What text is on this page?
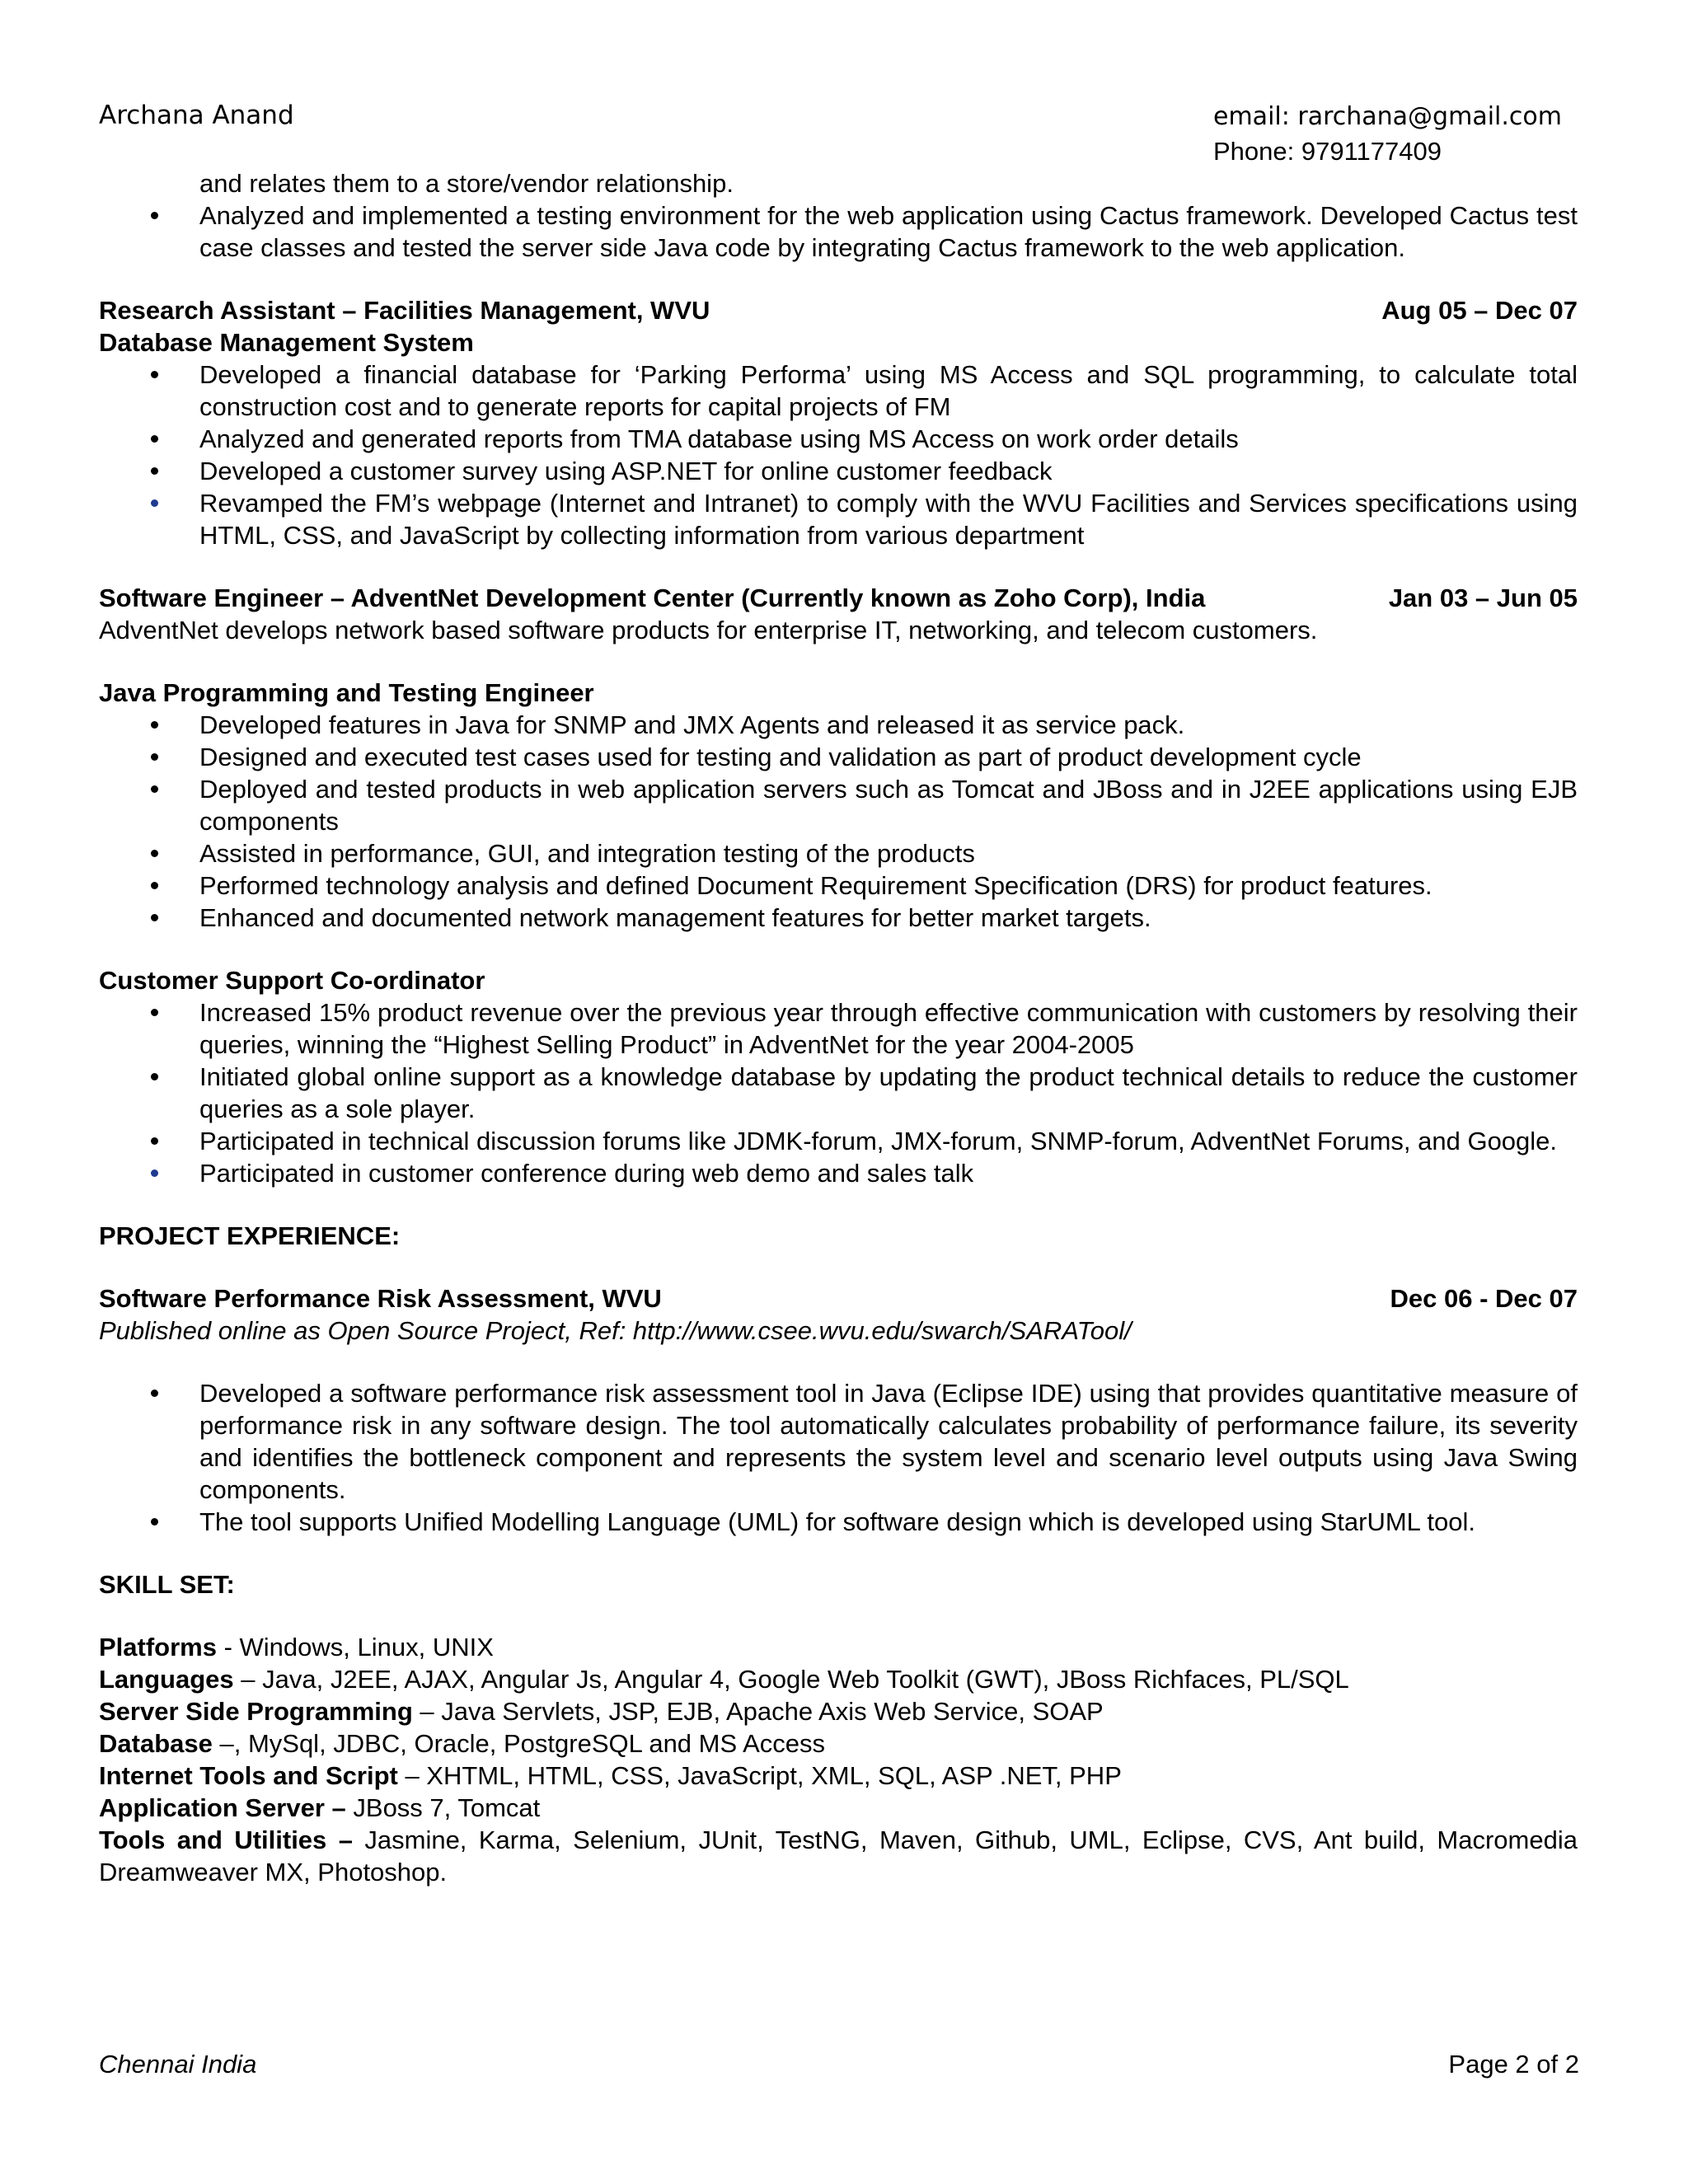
Archana Anand	email: rarchana@gmail.com
Phone: 9791177409
and relates them to a store/vendor relationship.
Analyzed and implemented a testing environment for the web application using Cactus framework. Developed Cactus test case classes and tested the server side Java code by integrating Cactus framework to the web application.
Research Assistant – Facilities Management, WVU	Aug 05 – Dec 07
Database Management System
Developed a financial database for ‘Parking Performa’ using MS Access and SQL programming, to calculate total construction cost and to generate reports for capital projects of FM
Analyzed and generated reports from TMA database using MS Access on work order details
Developed a customer survey using ASP.NET for online customer feedback
Revamped the FM’s webpage (Internet and Intranet) to comply with the WVU Facilities and Services specifications using HTML, CSS, and JavaScript by collecting information from various department
Software Engineer – AdventNet Development Center (Currently known as Zoho Corp), India	Jan 03 – Jun 05
AdventNet develops network based software products for enterprise IT, networking, and telecom customers.
Java Programming and Testing Engineer
Developed features in Java for SNMP and JMX Agents and released it as service pack.
Designed and executed test cases used for testing and validation as part of product development cycle
Deployed and tested products in web application servers such as Tomcat and JBoss and in J2EE applications using EJB components
Assisted in performance, GUI, and integration testing of the products
Performed technology analysis and defined Document Requirement Specification (DRS) for product features.
Enhanced and documented network management features for better market targets.
Customer Support Co-ordinator
Increased 15% product revenue over the previous year through effective communication with customers by resolving their queries, winning the “Highest Selling Product” in AdventNet for the year 2004-2005
Initiated global online support as a knowledge database by updating the product technical details to reduce the customer queries as a sole player.
Participated in technical discussion forums like JDMK-forum, JMX-forum, SNMP-forum, AdventNet Forums, and Google.
Participated in customer conference during web demo and sales talk
PROJECT EXPERIENCE:
Software Performance Risk Assessment, WVU	Dec 06 - Dec 07
Published online as Open Source Project, Ref: http://www.csee.wvu.edu/swarch/SARATool/
Developed a software performance risk assessment tool in Java (Eclipse IDE) using that provides quantitative measure of performance risk in any software design. The tool automatically calculates probability of performance failure, its severity and identifies the bottleneck component and represents the system level and scenario level outputs using Java Swing components.
The tool supports Unified Modelling Language (UML) for software design which is developed using StarUML tool.
SKILL SET:
Platforms - Windows, Linux, UNIX
Languages – Java, J2EE, AJAX, Angular Js, Angular 4, Google Web Toolkit (GWT), JBoss Richfaces, PL/SQL
Server Side Programming – Java Servlets, JSP, EJB, Apache Axis Web Service, SOAP
Database –, MySql, JDBC, Oracle, PostgreSQL and MS Access
Internet Tools and Script – XHTML, HTML, CSS, JavaScript, XML, SQL, ASP .NET, PHP
Application Server – JBoss 7, Tomcat
Tools and Utilities – Jasmine, Karma, Selenium, JUnit, TestNG, Maven, Github, UML, Eclipse, CVS, Ant build, Macromedia Dreamweaver MX, Photoshop.
Chennai India	Page 2 of 2
